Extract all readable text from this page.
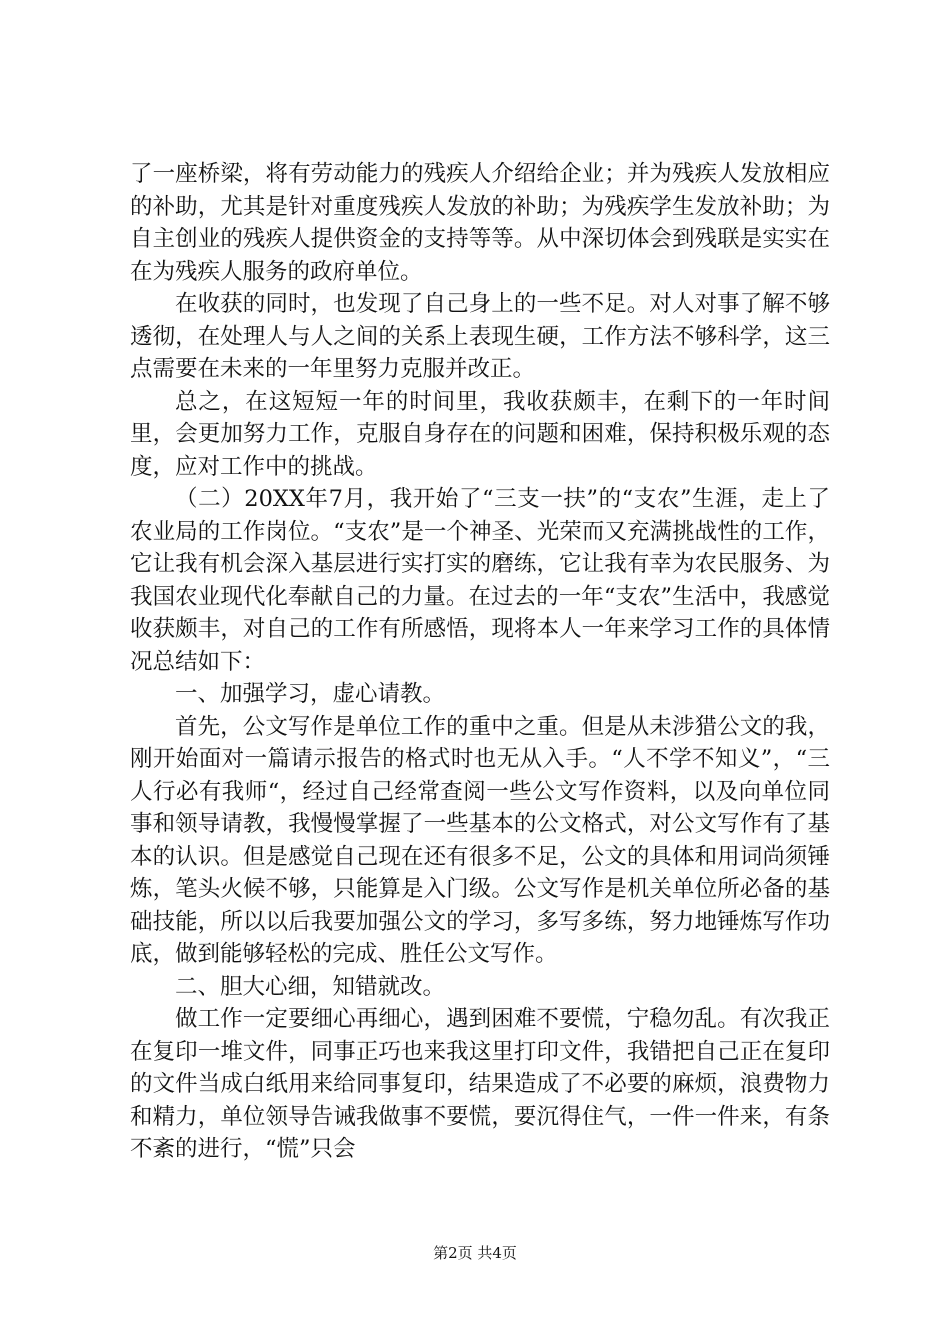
了一座桥梁，将有劳动能力的残疾人介绍给企业；并为残疾人发放相应的补助，尤其是针对重度残疾人发放的补助；为残疾学生发放补助；为自主创业的残疾人提供资金的支持等等。从中深切体会到残联是实实在在为残疾人服务的政府单位。

在收获的同时，也发现了自己身上的一些不足。对人对事了解不够透彻，在处理人与人之间的关系上表现生硬，工作方法不够科学，这三点需要在未来的一年里努力克服并改正。

总之，在这短短一年的时间里，我收获颇丰，在剩下的一年时间里，会更加努力工作，克服自身存在的问题和困难，保持积极乐观的态度，应对工作中的挑战。

（二）20XX年7月，我开始了“三支一扶”的“支农”生涯，走上了农业局的工作岗位。“支农”是一个神圣、光荣而又充满挑战性的工作，它让我有机会深入基层进行实打实的磨练，它让我有幸为农民服务、为我国农业现代化奉献自己的力量。在过去的一年“支农”生活中，我感觉收获颇丰，对自己的工作有所感悟，现将本人一年来学习工作的具体情况总结如下：

一、加强学习，虚心请教。

首先，公文写作是单位工作的重中之重。但是从未涉猎公文的我，刚开始面对一篇请示报告的格式时也无从入手。“人不学不知义”，“三人行必有我师“，经过自己经常查阅一些公文写作资料，以及向单位同事和领导请教，我慢慢掌握了一些基本的公文格式，对公文写作有了基本的认识。但是感觉自己现在还有很多不足，公文的具体和用词尚须锤炼，笔头火候不够，只能算是入门级。公文写作是机关单位所必备的基础技能，所以以后我要加强公文的学习，多写多练，努力地锤炼写作功底，做到能够轻松的完成、胜任公文写作。

二、胆大心细，知错就改。

做工作一定要细心再细心，遇到困难不要慌，宁稳勿乱。有次我正在复印一堆文件，同事正巧也来我这里打印文件，我错把自己正在复印的文件当成白纸用来给同事复印，结果造成了不必要的麻烦，浪费物力和精力，单位领导告诫我做事不要慌，要沉得住气，一件一件来，有条不紊的进行，“慌”只会

第2页 共4页
